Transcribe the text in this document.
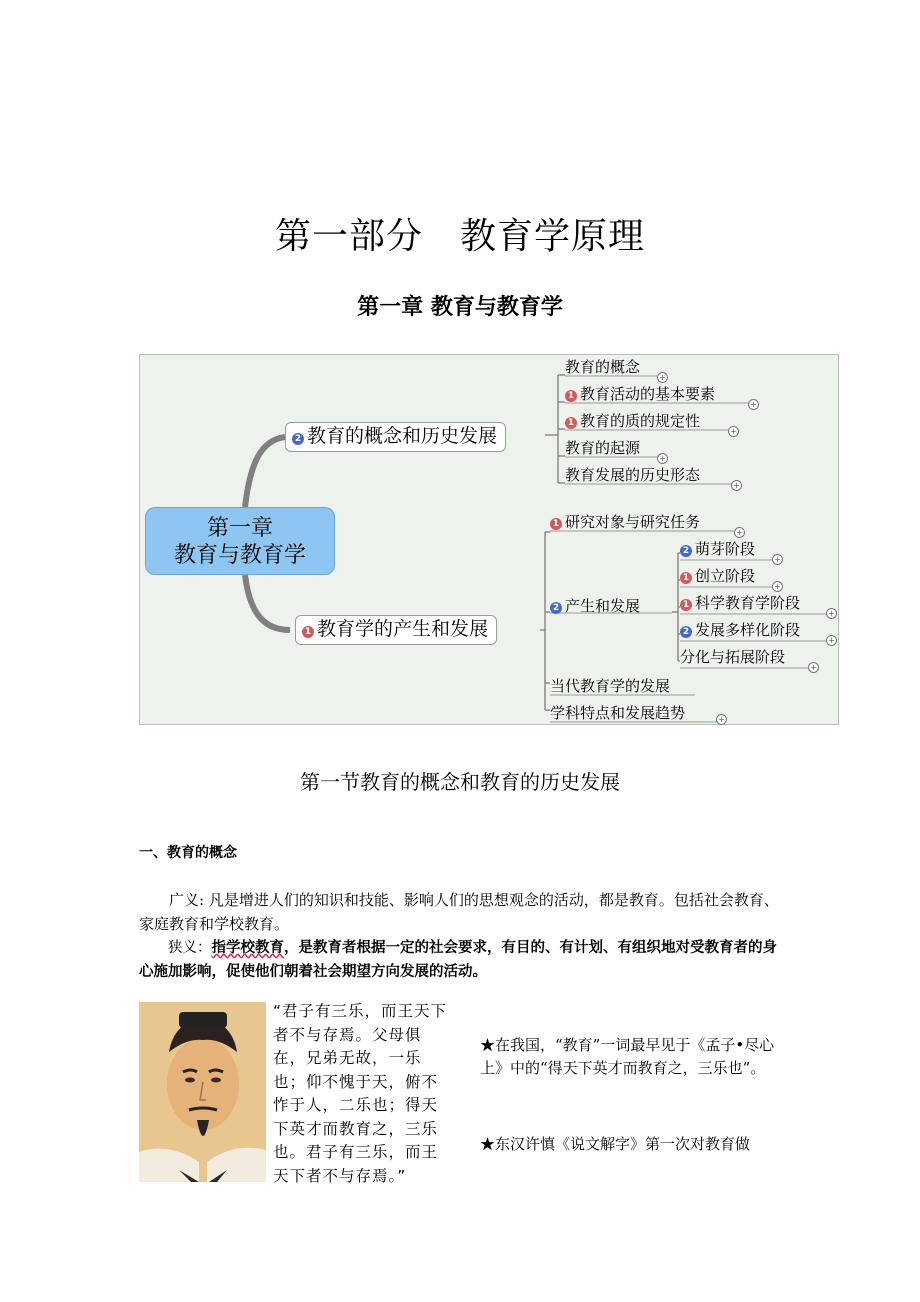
第一部分　教育学原理
第一章 教育与教育学
第一章
教育与教育学
2 教育的概念和历史发展
1 教育学的产生和发展
教育的概念
+
1 教育活动的基本要素
+
1 教育的质的规定性
+
教育的起源
+
教育发展的历史形态
+
1 研究对象与研究任务
+
2 产生和发展
当代教育学的发展
学科特点和发展趋势	+
2 萌芽阶段
+
1 创立阶段
+
1 科学教育学阶段
+
2 发展多样化阶段
+
分化与拓展阶段
+
第一节教育的概念和教育的历史发展
一、教育的概念
  广义: 凡是增进人们的知识和技能、影响人们的思想观念的活动，都是教育。包括社会教育、家庭教育和学校教育。
  狭义：指学校教育，是教育者根据一定的社会要求，有目的、有计划、有组织地对受教育者的身心施加影响，促使他们朝着社会期望方向发展的活动。
“君子有三乐，而王天下者不与存焉。父母俱在，兄弟无故，一乐也；仰不愧于天，俯不怍于人，二乐也；得天下英才而教育之，三乐也。君子有三乐，而王天下者不与存焉。”
★在我国，“教育”一词最早见于《孟子•尽心上》中的“得天下英才而教育之，三乐也”。
★东汉许慎《说文解字》第一次对教育做
